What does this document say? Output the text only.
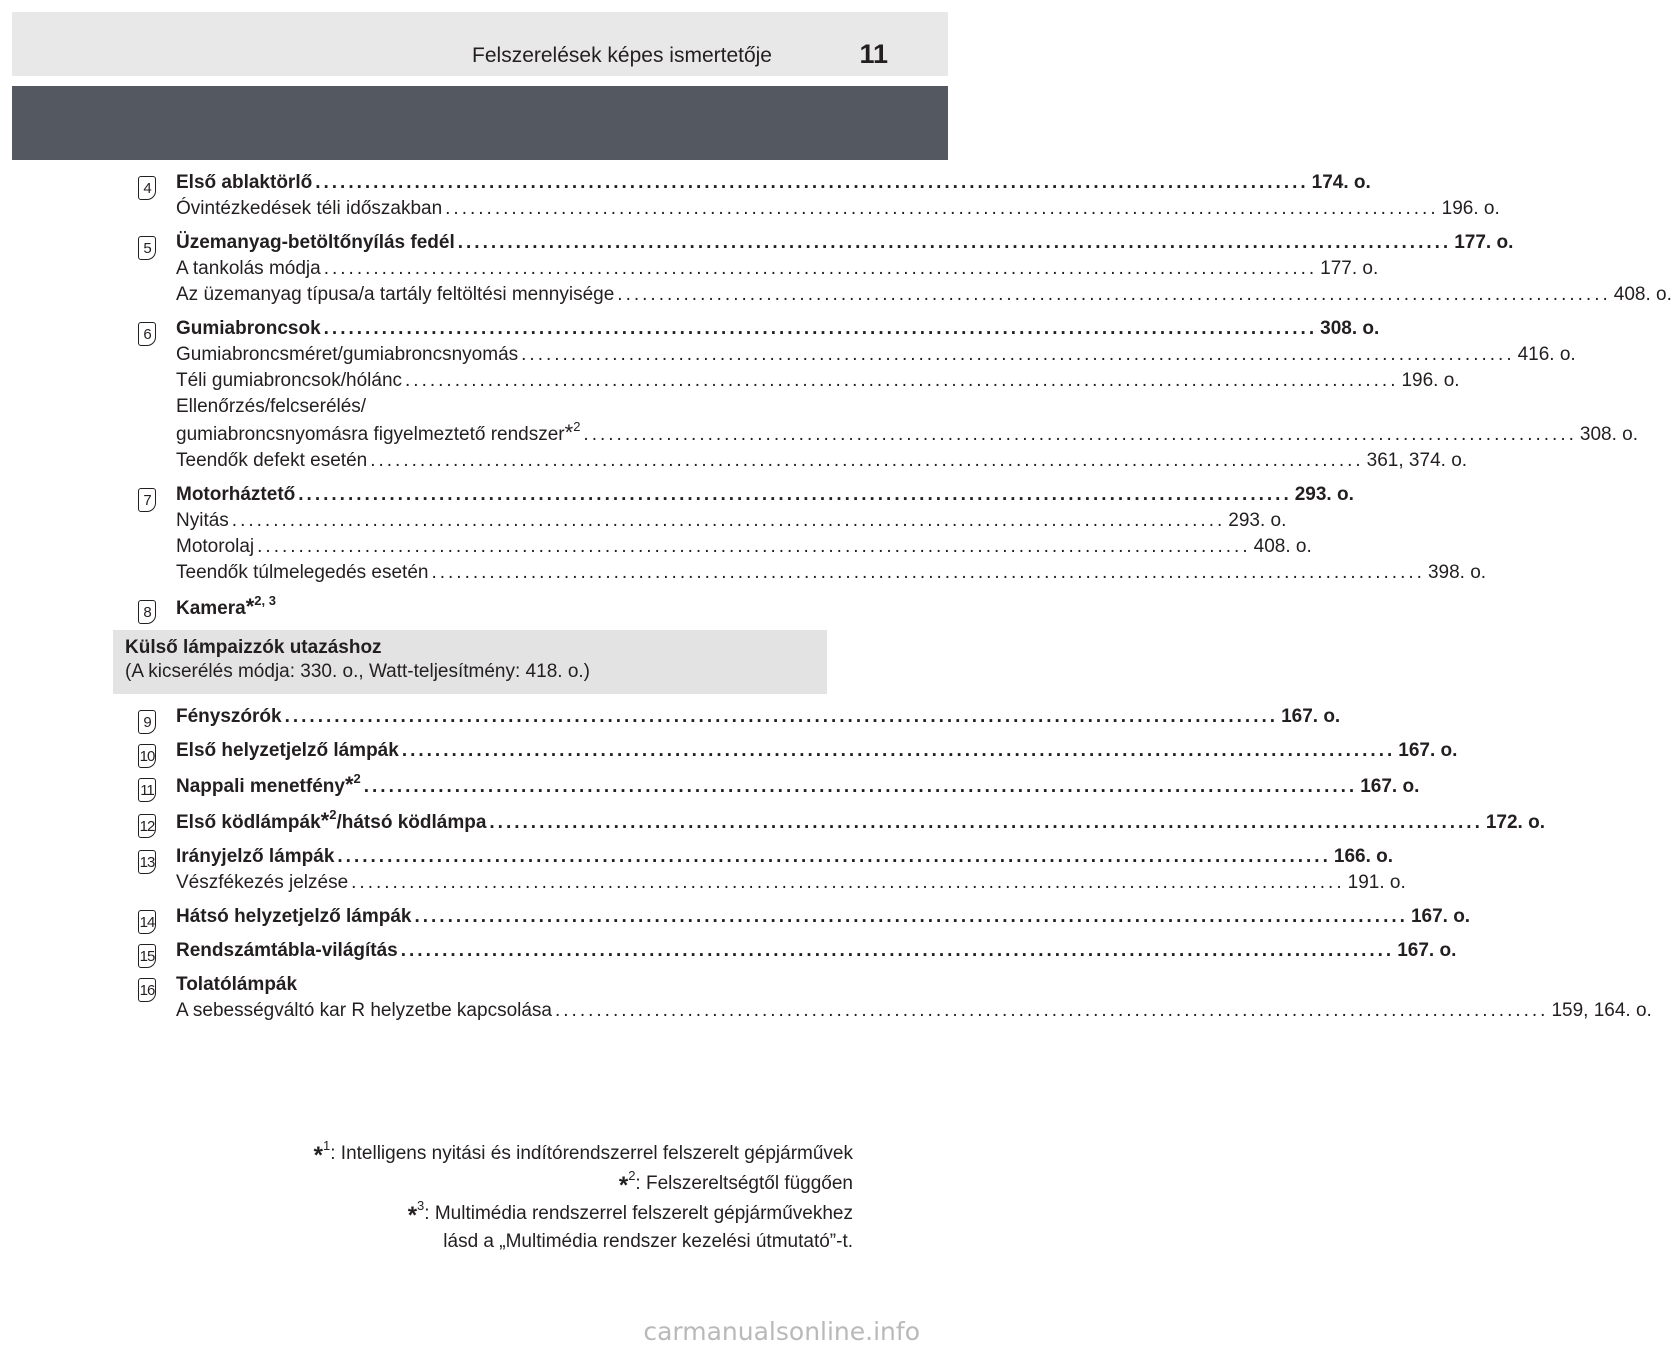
Felszerelések képes ismertetője	11
4 Első ablaktörlő ........................................................................................................................ 174. o.
Óvintézkedések téli időszakban ........................................................................................................................ 196. o.
5 Üzemanyag-betöltőnyílás fedél ........................................................................................................................ 177. o.
A tankolás módja ........................................................................................................................ 177. o.
Az üzemanyag típusa/a tartály feltöltési mennyisége ........................................................................................................................ 408. o.
6 Gumiabroncsok ........................................................................................................................ 308. o.
Gumiabroncsméret/gumiabroncsnyomás ........................................................................................................................ 416. o.
Téli gumiabroncsok/hólánc ........................................................................................................................ 196. o.
Ellenőrzés/felcserélés/
gumiabroncsnyomásra figyelmeztető rendszer*$^2$ ........................................................................................................................ 308. o.
Teendők defekt esetén ........................................................................................................................ 361, 374. o.
7 Motorháztető ........................................................................................................................ 293. o.
Nyitás ........................................................................................................................ 293. o.
Motorolaj ........................................................................................................................ 408. o.
Teendők túlmelegedés esetén ........................................................................................................................ 398. o.
8 Kamera*$^{2, 3}$
Külső lámpaizzók utazáshoz
(A kicserélés módja: 330. o., Watt-teljesítmény: 418. o.)
9 Fényszórók ........................................................................................................................ 167. o.
10 Első helyzetjelző lámpák ........................................................................................................................ 167. o.
11 Nappali menetfény*$^2$ ........................................................................................................................ 167. o.
12 Első ködlámpák*$^2$/hátsó ködlámpa ........................................................................................................................ 172. o.
13 Irányjelző lámpák ........................................................................................................................ 166. o.
Vészfékezés jelzése ........................................................................................................................ 191. o.
14 Hátsó helyzetjelző lámpák ........................................................................................................................ 167. o.
15 Rendszámtábla-világítás ........................................................................................................................ 167. o.
16 Tolatólámpák
A sebességváltó kar R helyzetbe kapcsolása ........................................................................................................................ 159, 164. o.
*$^1$: Intelligens nyitási és indítórendszerrel felszerelt gépjárművek
*$^2$: Felszereltségtől függően
*$^3$: Multimédia rendszerrel felszerelt gépjárművekhez
lásd a „Multimédia rendszer kezelési útmutató”-t.
carmanualsonline.info
